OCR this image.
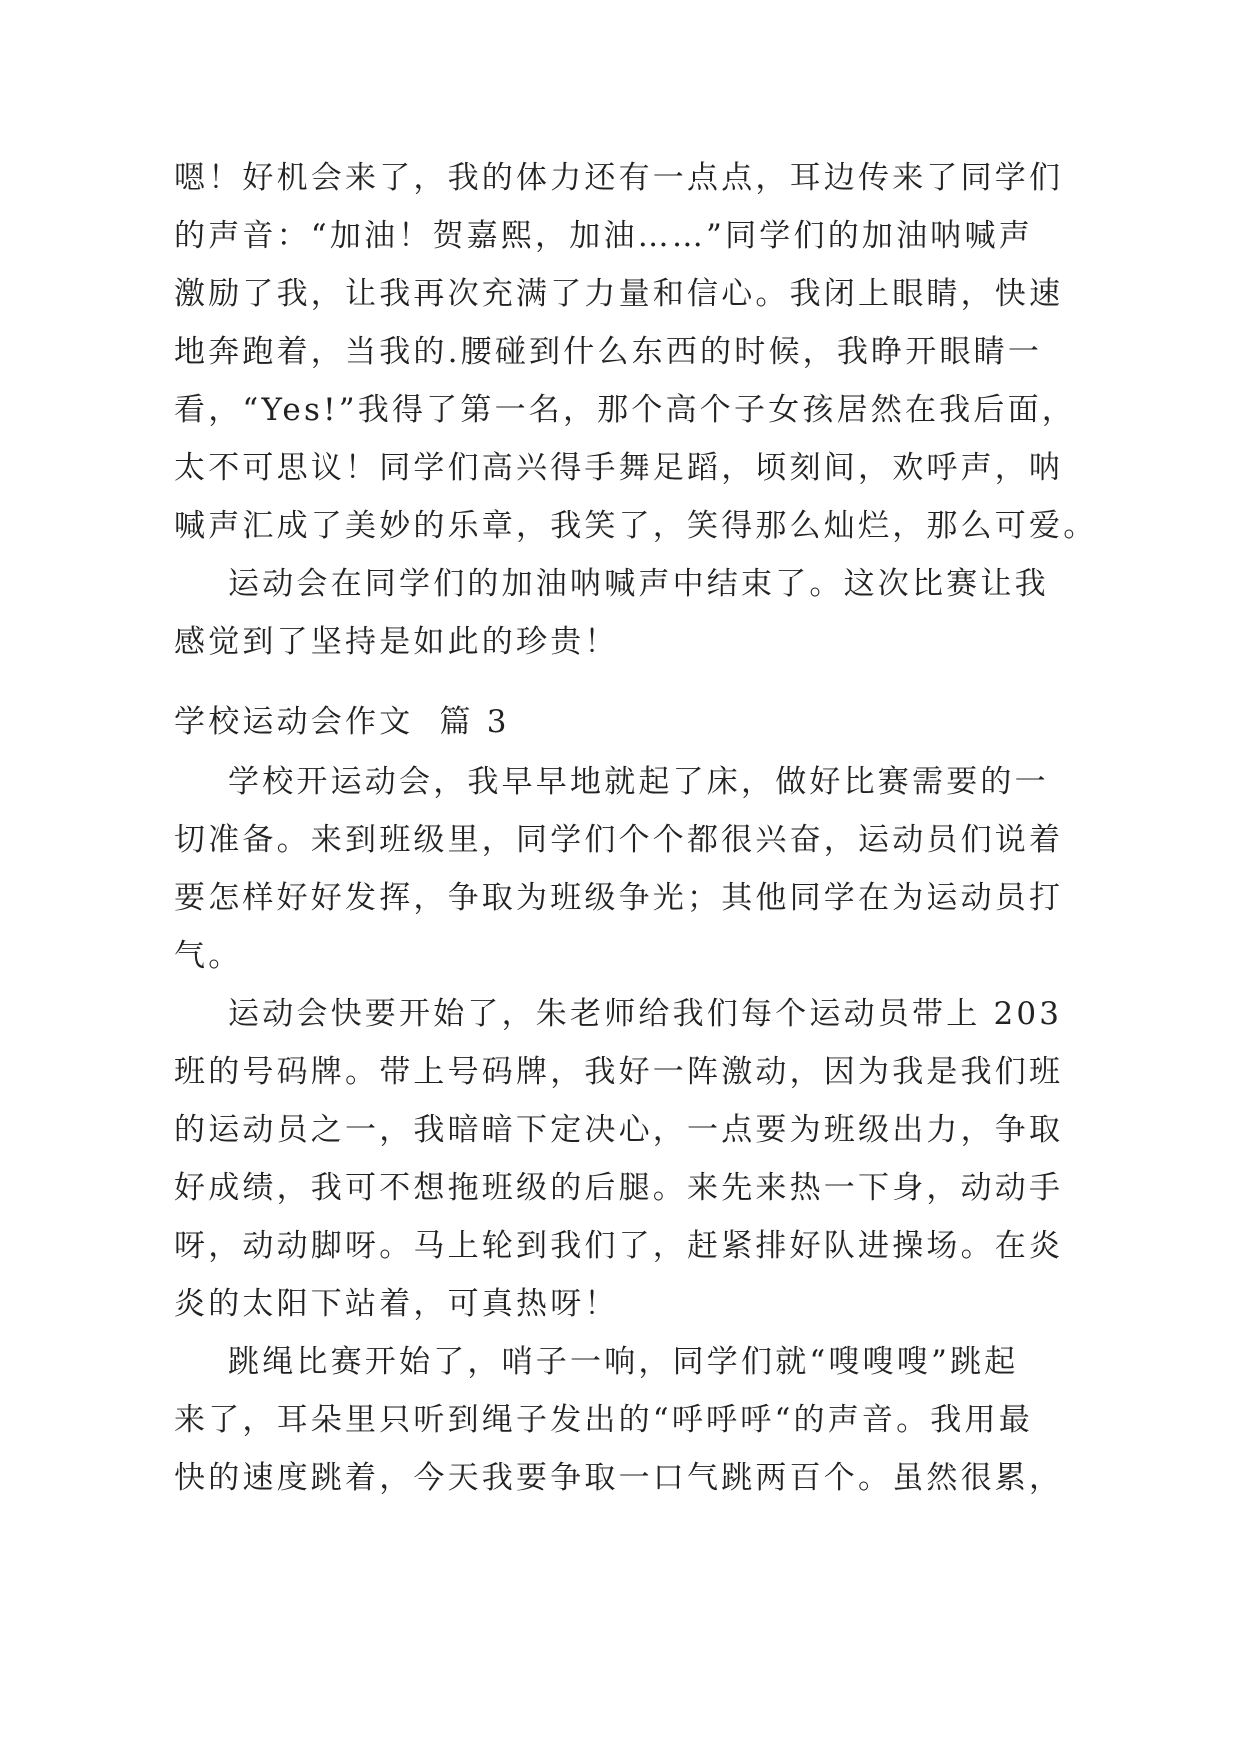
嗯！好机会来了，我的体力还有一点点，耳边传来了同学们
的声音：“加油！贺嘉熙，加油……”同学们的加油呐喊声
激励了我，让我再次充满了力量和信心。我闭上眼睛，快速
地奔跑着，当我的.腰碰到什么东西的时候，我睁开眼睛一
看，“Yes!”我得了第一名，那个高个子女孩居然在我后面，
太不可思议！同学们高兴得手舞足蹈，顷刻间，欢呼声，呐
喊声汇成了美妙的乐章，我笑了，笑得那么灿烂，那么可爱。
运动会在同学们的加油呐喊声中结束了。这次比赛让我
感觉到了坚持是如此的珍贵！
学校运动会作文  篇 3
学校开运动会，我早早地就起了床，做好比赛需要的一
切准备。来到班级里，同学们个个都很兴奋，运动员们说着
要怎样好好发挥，争取为班级争光；其他同学在为运动员打
气。
运动会快要开始了，朱老师给我们每个运动员带上 203
班的号码牌。带上号码牌，我好一阵激动，因为我是我们班
的运动员之一，我暗暗下定决心，一点要为班级出力，争取
好成绩，我可不想拖班级的后腿。来先来热一下身，动动手
呀，动动脚呀。马上轮到我们了，赶紧排好队进操场。在炎
炎的太阳下站着，可真热呀！
跳绳比赛开始了，哨子一响，同学们就“嗖嗖嗖”跳起
来了，耳朵里只听到绳子发出的“呼呼呼“的声音。我用最
快的速度跳着，今天我要争取一口气跳两百个。虽然很累，
